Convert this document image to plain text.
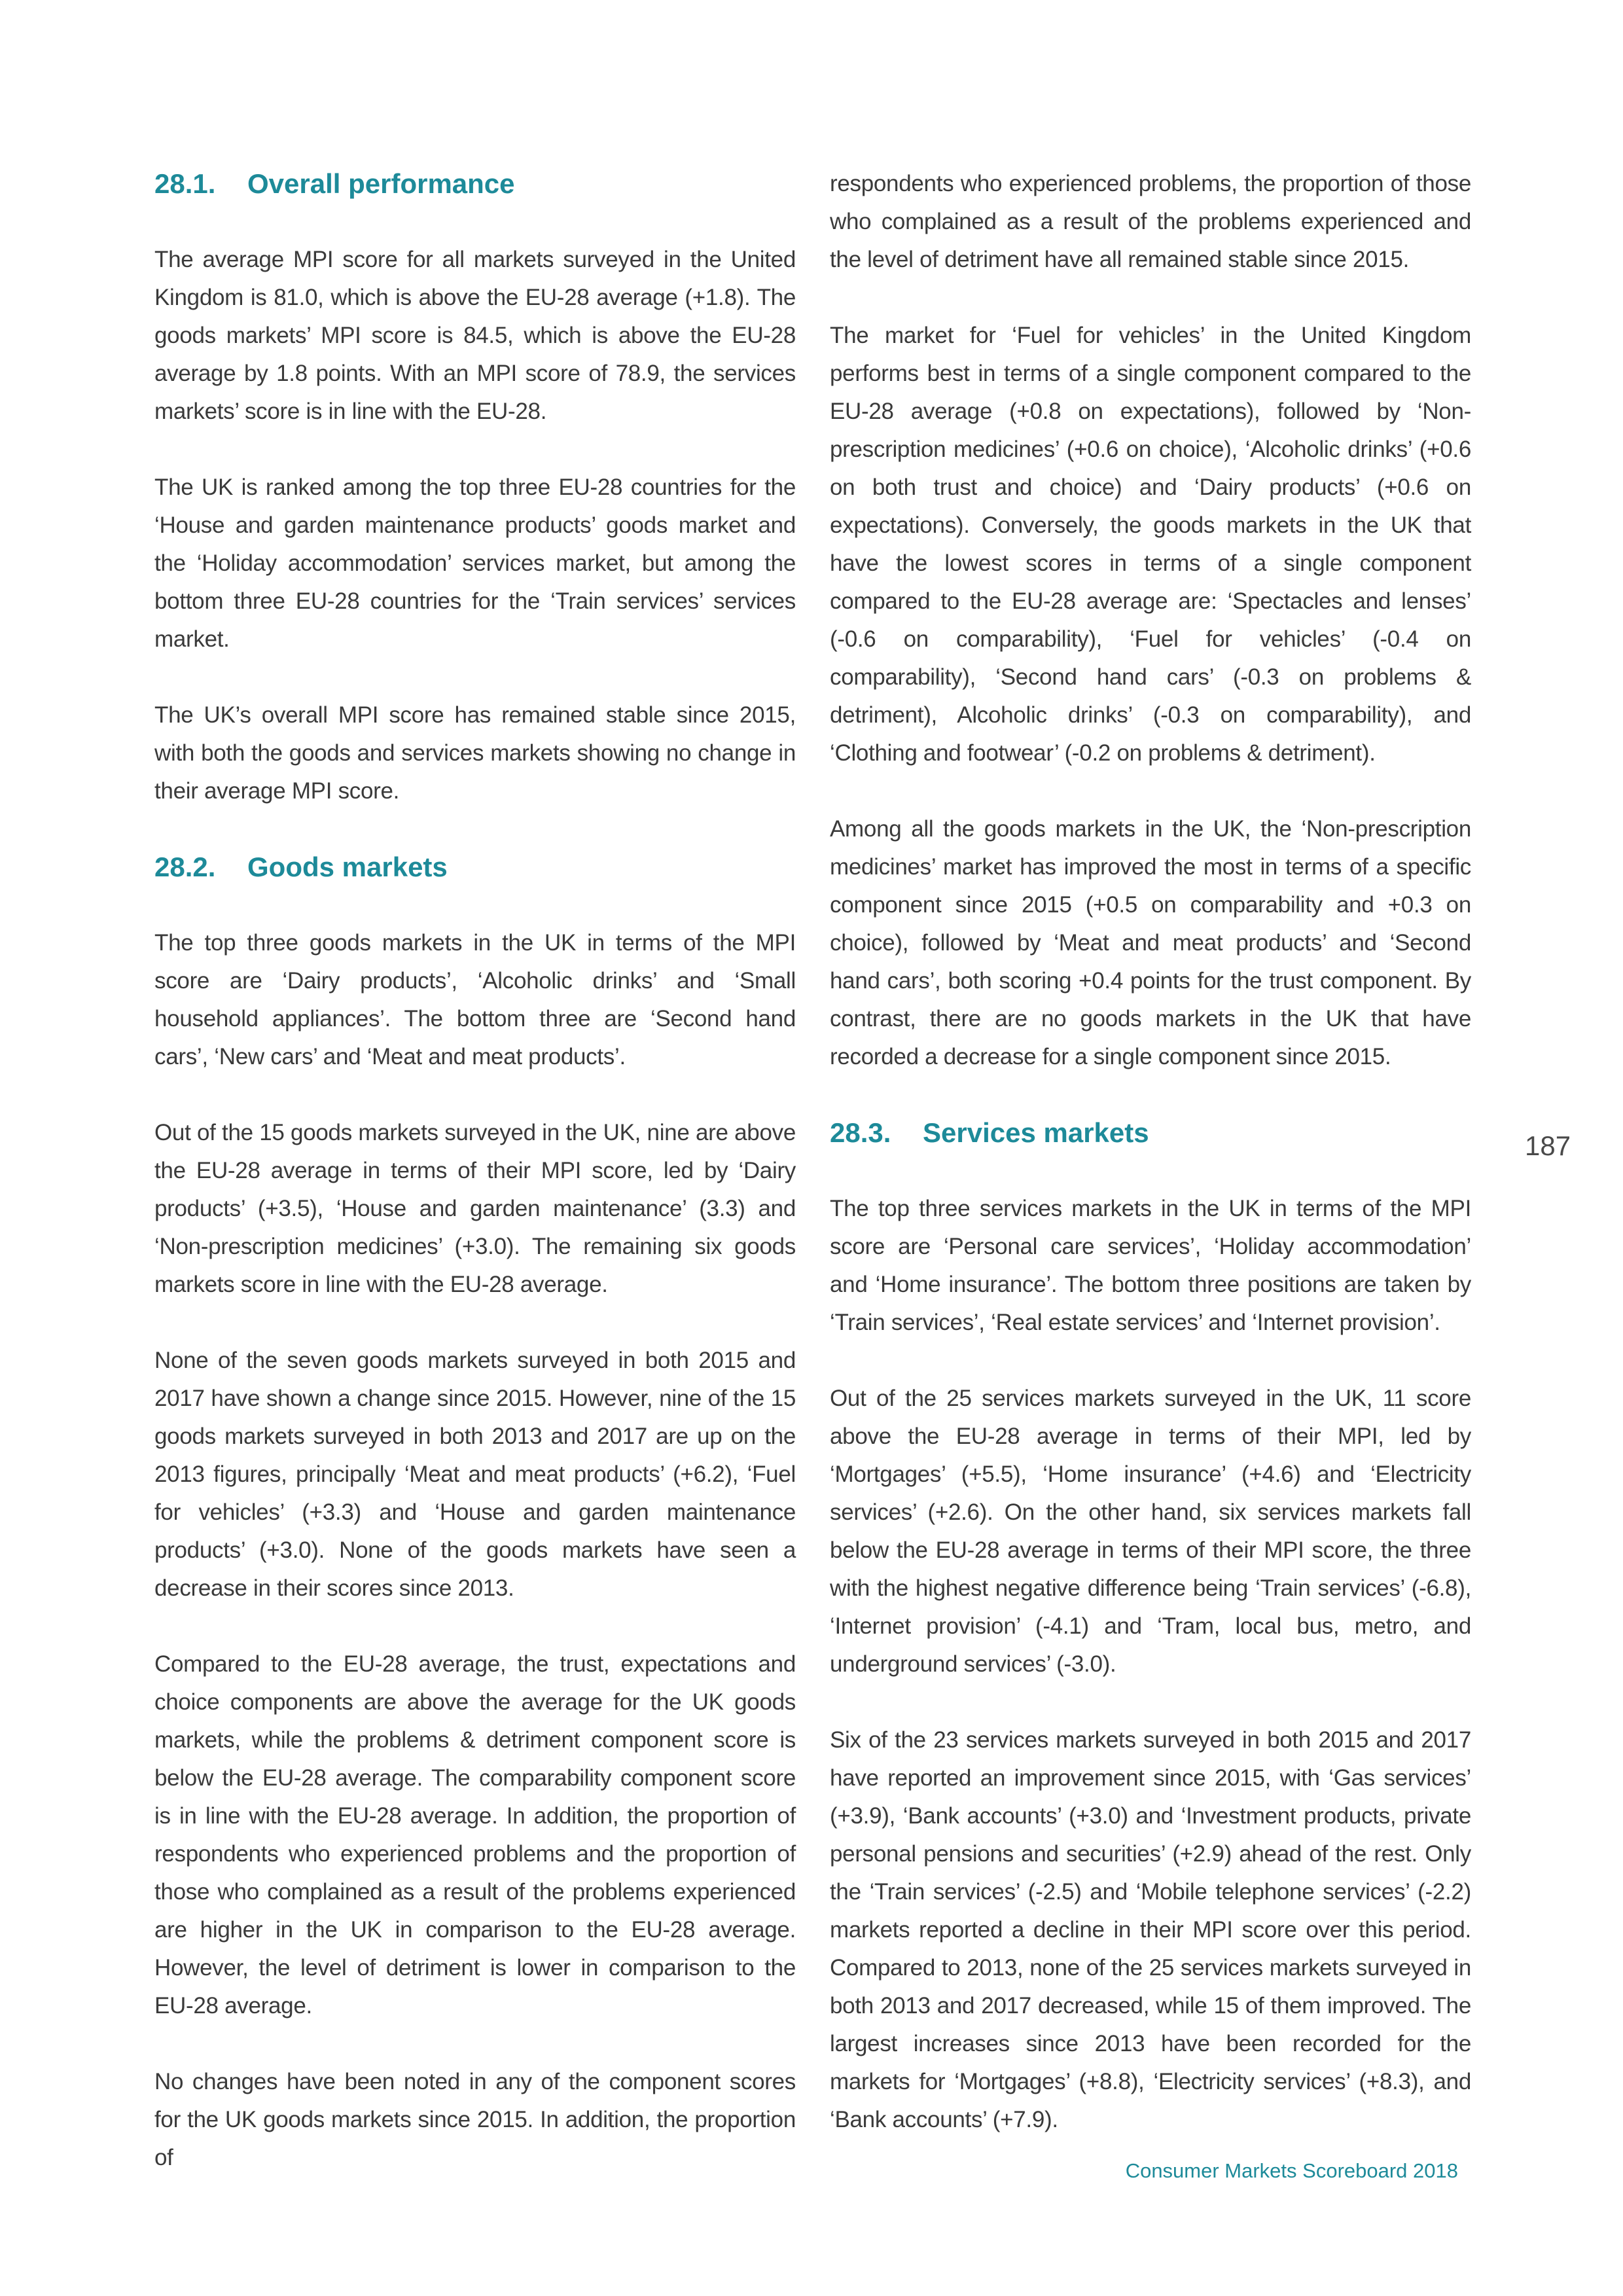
28.1. Overall performance

The average MPI score for all markets surveyed in the United Kingdom is 81.0, which is above the EU-28 average (+1.8). The goods markets’ MPI score is 84.5, which is above the EU-28 average by 1.8 points. With an MPI score of 78.9, the services markets’ score is in line with the EU-28.

The UK is ranked among the top three EU-28 countries for the ‘House and garden maintenance products’ goods market and the ‘Holiday accommodation’ services market, but among the bottom three EU-28 countries for the ‘Train services’ services market.

The UK’s overall MPI score has remained stable since 2015, with both the goods and services markets showing no change in their average MPI score.

28.2. Goods markets

The top three goods markets in the UK in terms of the MPI score are ‘Dairy products’, ‘Alcoholic drinks’ and ‘Small household appliances’. The bottom three are ‘Second hand cars’, ‘New cars’ and ‘Meat and meat products’.

Out of the 15 goods markets surveyed in the UK, nine are above the EU-28 average in terms of their MPI score, led by ‘Dairy products’ (+3.5), ‘House and garden maintenance’ (3.3) and ‘Non-prescription medicines’ (+3.0). The remaining six goods markets score in line with the EU-28 average.

None of the seven goods markets surveyed in both 2015 and 2017 have shown a change since 2015. However, nine of the 15 goods markets surveyed in both 2013 and 2017 are up on the 2013 figures, principally ‘Meat and meat products’ (+6.2), ‘Fuel for vehicles’ (+3.3) and ‘House and garden maintenance products’ (+3.0). None of the goods markets have seen a decrease in their scores since 2013.

Compared to the EU-28 average, the trust, expectations and choice components are above the average for the UK goods markets, while the problems & detriment component score is below the EU-28 average. The comparability component score is in line with the EU-28 average. In addition, the proportion of respondents who experienced problems and the proportion of those who complained as a result of the problems experienced are higher in the UK in comparison to the EU-28 average. However, the level of detriment is lower in comparison to the EU-28 average.

No changes have been noted in any of the component scores for the UK goods markets since 2015. In addition, the proportion of

respondents who experienced problems, the proportion of those who complained as a result of the problems experienced and the level of detriment have all remained stable since 2015.

The market for ‘Fuel for vehicles’ in the United Kingdom performs best in terms of a single component compared to the EU-28 average (+0.8 on expectations), followed by ‘Non-prescription medicines’ (+0.6 on choice), ‘Alcoholic drinks’ (+0.6 on both trust and choice) and ‘Dairy products’ (+0.6 on expectations). Conversely, the goods markets in the UK that have the lowest scores in terms of a single component compared to the EU-28 average are: ‘Spectacles and lenses’ (-0.6 on comparability), ‘Fuel for vehicles’ (-0.4 on comparability), ‘Second hand cars’ (-0.3 on problems & detriment), Alcoholic drinks’ (-0.3 on comparability), and ‘Clothing and footwear’ (-0.2 on problems & detriment).

Among all the goods markets in the UK, the ‘Non-prescription medicines’ market has improved the most in terms of a specific component since 2015 (+0.5 on comparability and +0.3 on choice), followed by ‘Meat and meat products’ and ‘Second hand cars’, both scoring +0.4 points for the trust component. By contrast, there are no goods markets in the UK that have recorded a decrease for a single component since 2015.

28.3. Services markets

The top three services markets in the UK in terms of the MPI score are ‘Personal care services’, ‘Holiday accommodation’ and ‘Home insurance’. The bottom three positions are taken by ‘Train services’, ‘Real estate services’ and ‘Internet provision’.

Out of the 25 services markets surveyed in the UK, 11 score above the EU-28 average in terms of their MPI, led by ‘Mortgages’ (+5.5), ‘Home insurance’ (+4.6) and ‘Electricity services’ (+2.6). On the other hand, six services markets fall below the EU-28 average in terms of their MPI score, the three with the highest negative difference being ‘Train services’ (-6.8), ‘Internet provision’ (-4.1) and ‘Tram, local bus, metro, and underground services’ (-3.0).

Six of the 23 services markets surveyed in both 2015 and 2017 have reported an improvement since 2015, with ‘Gas services’ (+3.9), ‘Bank accounts’ (+3.0) and ‘Investment products, private personal pensions and securities’ (+2.9) ahead of the rest. Only the ‘Train services’ (-2.5) and ‘Mobile telephone services’ (-2.2) markets reported a decline in their MPI score over this period. Compared to 2013, none of the 25 services markets surveyed in both 2013 and 2017 decreased, while 15 of them improved. The largest increases since 2013 have been recorded for the markets for ‘Mortgages’ (+8.8), ‘Electricity services’ (+8.3), and ‘Bank accounts’ (+7.9).

187
Consumer Markets Scoreboard 2018
